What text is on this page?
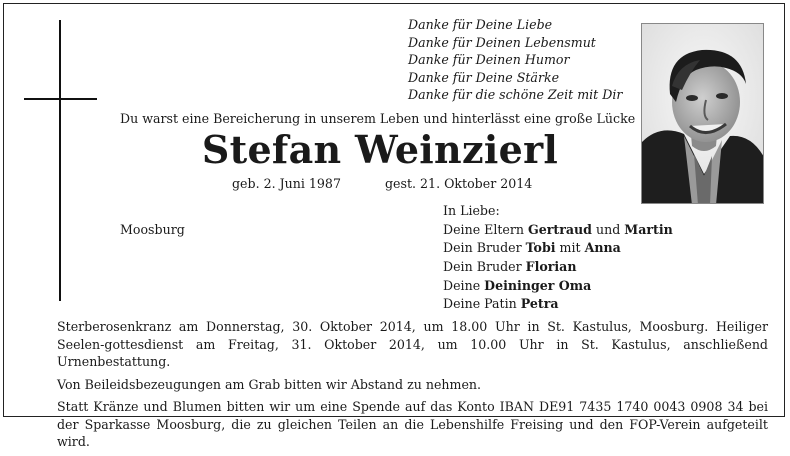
Danke für Deine Liebe
Danke für Deinen Lebensmut
Danke für Deinen Humor
Danke für Deine Stärke
Danke für die schöne Zeit mit Dir
Du warst eine Bereicherung in unserem Leben und hinterlässt eine große Lücke
Stefan Weinzierl
geb. 2. Juni 1987	gest. 21. Oktober 2014
Moosburg
In Liebe:
Deine Eltern Gertraud und Martin
Dein Bruder Tobi mit Anna
Dein Bruder Florian
Deine Deininger Oma
Deine Patin Petra

Sterberosenkranz am Donnerstag, 30. Oktober 2014, um 18.00 Uhr in St. Kastulus, Moosburg. Heiliger Seelen-gottesdienst am Freitag, 31. Oktober 2014, um 10.00 Uhr in St. Kastulus, anschließend Urnenbestattung.

Von Beileidsbezeugungen am Grab bitten wir Abstand zu nehmen.

Statt Kränze und Blumen bitten wir um eine Spende auf das Konto IBAN DE91 7435 1740 0043 0908 34 bei der Sparkasse Moosburg, die zu gleichen Teilen an die Lebenshilfe Freising und den FOP-Verein aufgeteilt wird.
